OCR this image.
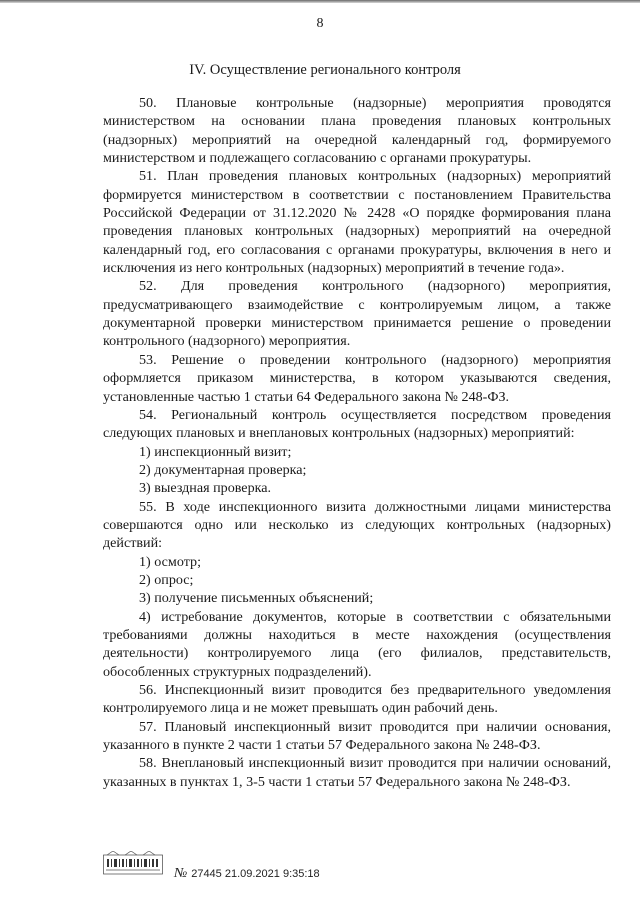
8
IV. Осуществление регионального контроля

50. Плановые контрольные (надзорные) мероприятия проводятся министерством на основании плана проведения плановых контрольных (надзорных) мероприятий на очередной календарный год, формируемого министерством и подлежащего согласованию с органами прокуратуры.

51. План проведения плановых контрольных (надзорных) мероприятий формируется министерством в соответствии с постановлением Правительства Российской Федерации от 31.12.2020 № 2428 «О порядке формирования плана проведения плановых контрольных (надзорных) мероприятий на очередной календарный год, его согласования с органами прокуратуры, включения в него и исключения из него контрольных (надзорных) мероприятий в течение года».

52. Для проведения контрольного (надзорного) мероприятия, предусматривающего взаимодействие с контролируемым лицом, а также документарной проверки министерством принимается решение о проведении контрольного (надзорного) мероприятия.

53. Решение о проведении контрольного (надзорного) мероприятия оформляется приказом министерства, в котором указываются сведения, установленные частью 1 статьи 64 Федерального закона № 248-ФЗ.

54. Региональный контроль осуществляется посредством проведения следующих плановых и внеплановых контрольных (надзорных) мероприятий:

1) инспекционный визит;

2) документарная проверка;

3) выездная проверка.

55. В ходе инспекционного визита должностными лицами министерства совершаются одно или несколько из следующих контрольных (надзорных) действий:

1) осмотр;

2) опрос;

3) получение письменных объяснений;

4) истребование документов, которые в соответствии с обязательными требованиями должны находиться в месте нахождения (осуществления деятельности) контролируемого лица (его филиалов, представительств, обособленных структурных подразделений).

56. Инспекционный визит проводится без предварительного уведомления контролируемого лица и не может превышать один рабочий день.

57. Плановый инспекционный визит проводится при наличии основания, указанного в пункте 2 части 1 статьи 57 Федерального закона № 248-ФЗ.

58. Внеплановый инспекционный визит проводится при наличии оснований, указанных в пунктах 1, 3-5 части 1 статьи 57 Федерального закона № 248-ФЗ.

№ 27445 21.09.2021 9:35:18
